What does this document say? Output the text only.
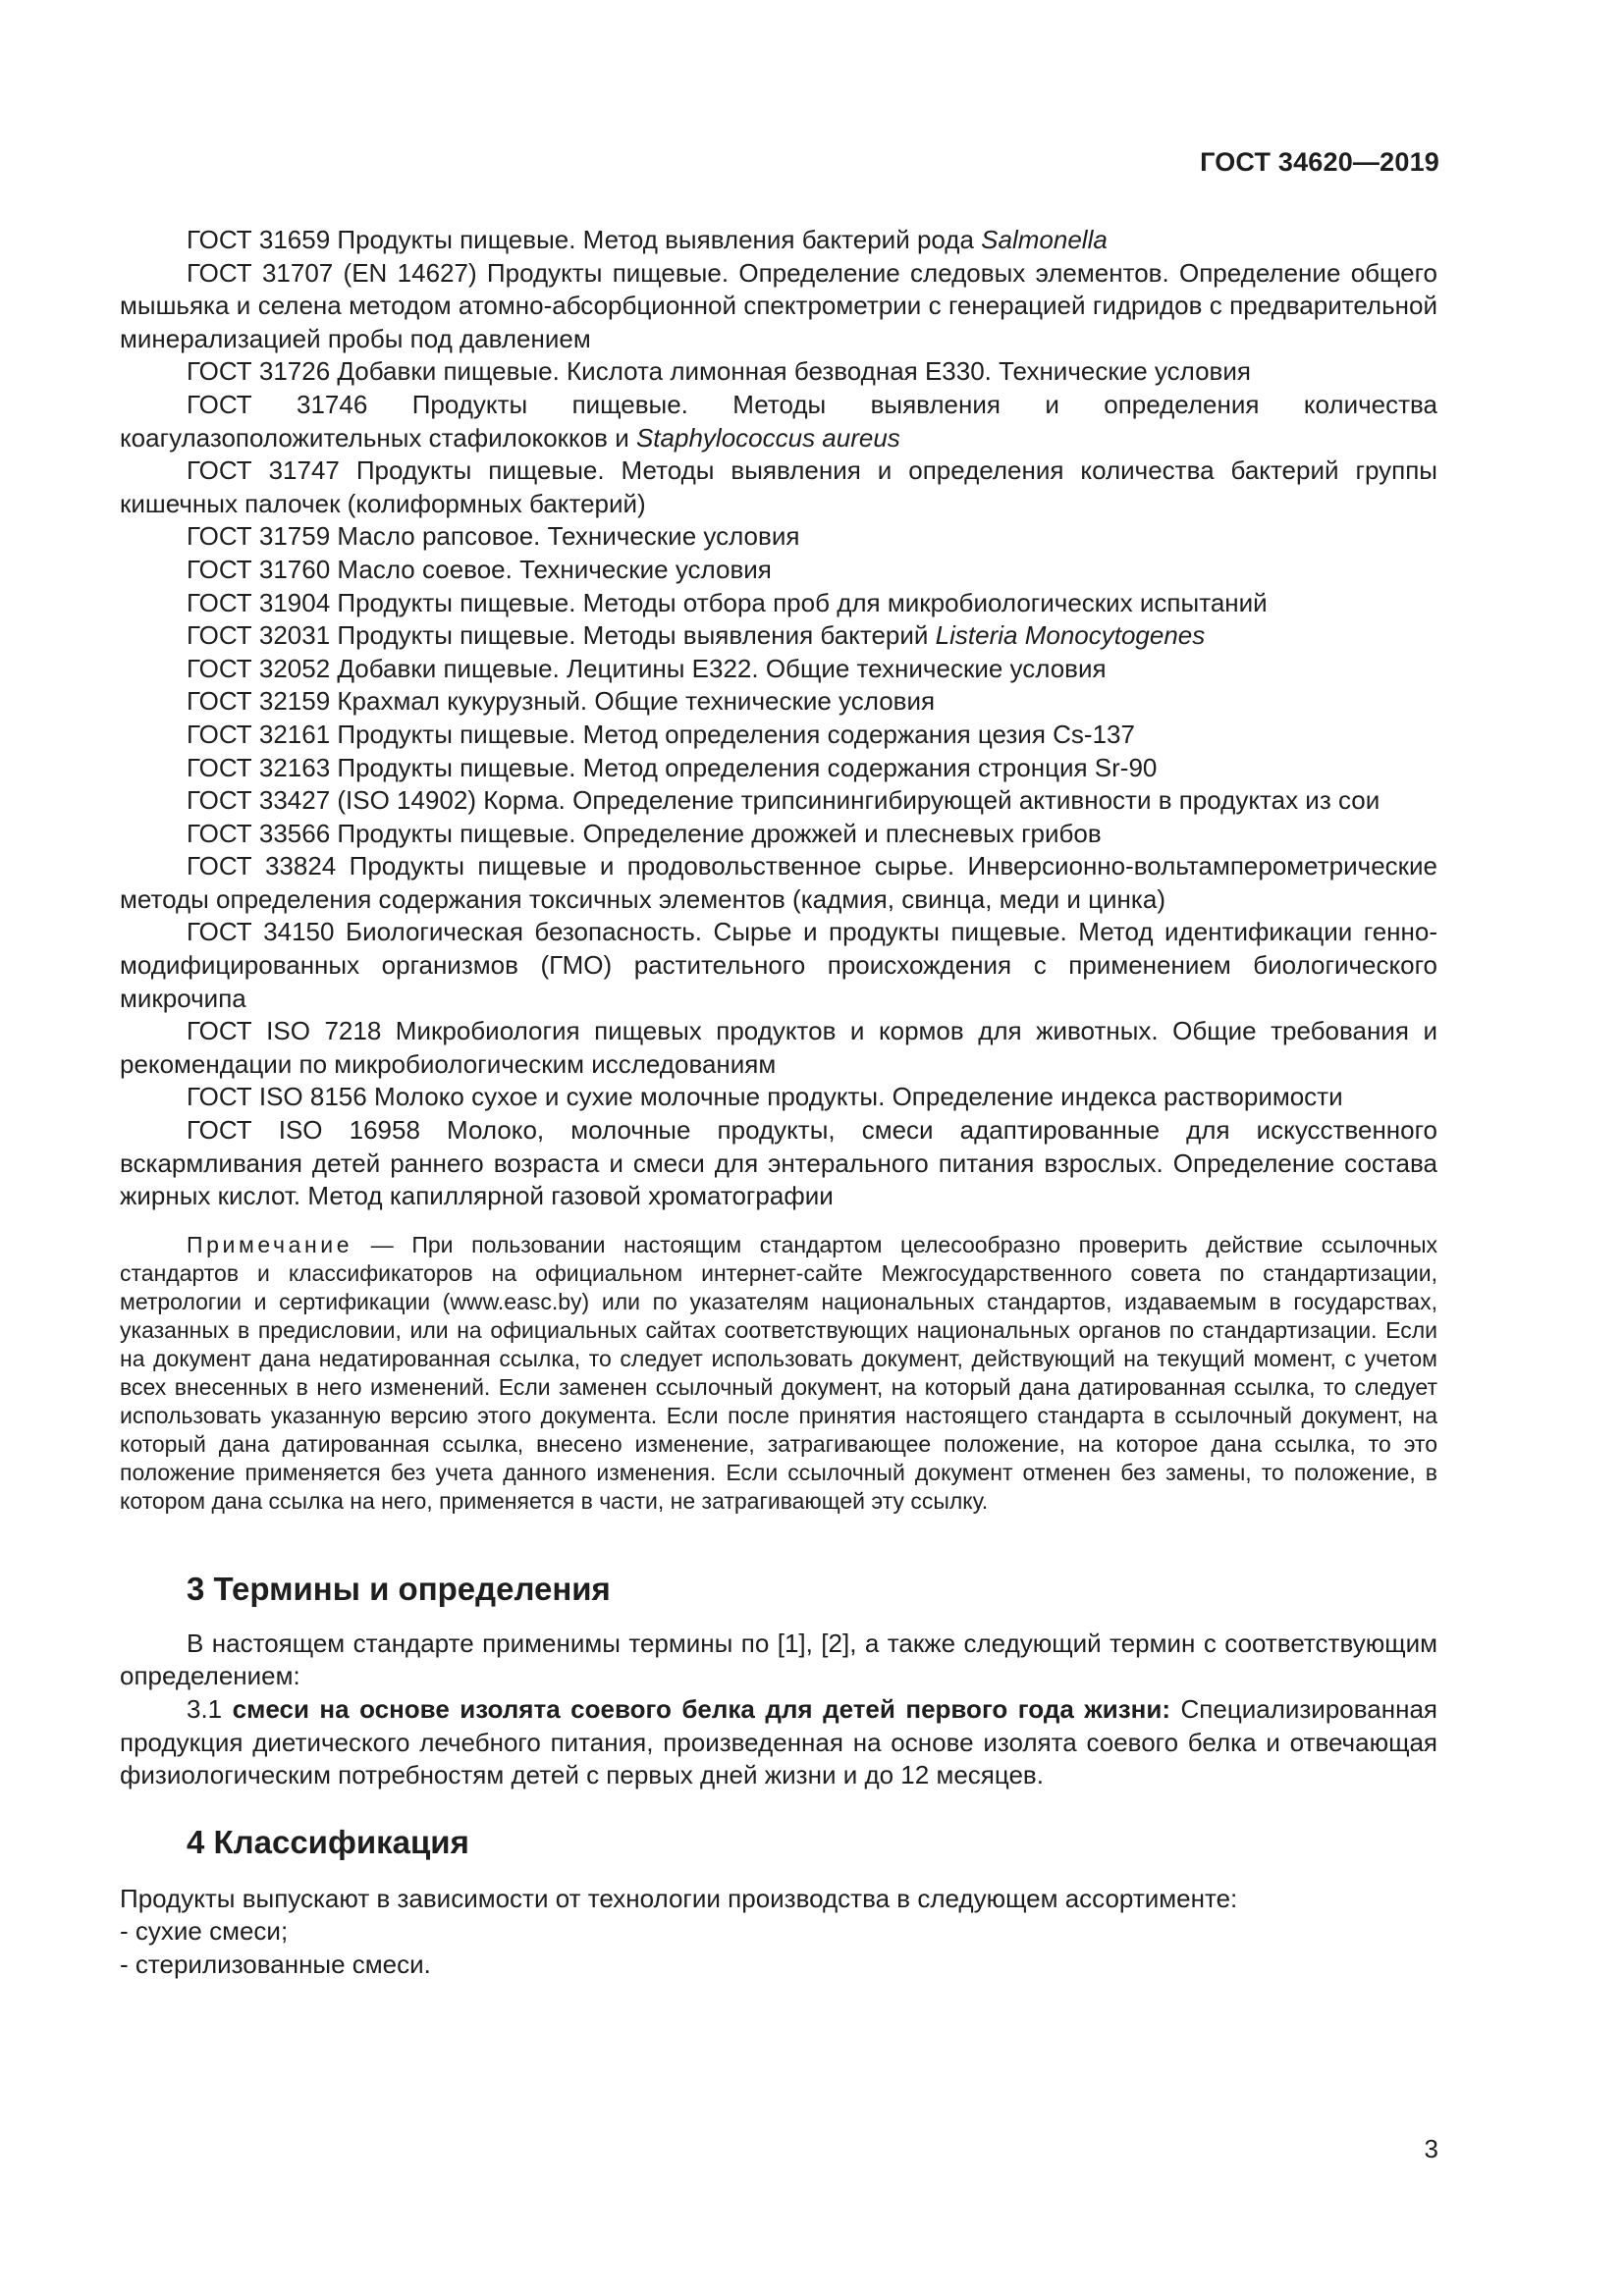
ГОСТ 34620—2019

ГОСТ 31659 Продукты пищевые. Метод выявления бактерий рода Salmonella

ГОСТ 31707 (EN 14627) Продукты пищевые. Определение следовых элементов. Определение общего мышьяка и селена методом атомно-абсорбционной спектрометрии с генерацией гидридов с предварительной минерализацией пробы под давлением

ГОСТ 31726 Добавки пищевые. Кислота лимонная безводная E330. Технические условия

ГОСТ 31746 Продукты пищевые. Методы выявления и определения количества коагулазоположительных стафилококков и Staphylococcus aureus

ГОСТ 31747 Продукты пищевые. Методы выявления и определения количества бактерий группы кишечных палочек (колиформных бактерий)

ГОСТ 31759 Масло рапсовое. Технические условия

ГОСТ 31760 Масло соевое. Технические условия

ГОСТ 31904 Продукты пищевые. Методы отбора проб для микробиологических испытаний

ГОСТ 32031 Продукты пищевые. Методы выявления бактерий Listeria Monocytogenes

ГОСТ 32052 Добавки пищевые. Лецитины E322. Общие технические условия

ГОСТ 32159 Крахмал кукурузный. Общие технические условия

ГОСТ 32161 Продукты пищевые. Метод определения содержания цезия Cs-137

ГОСТ 32163 Продукты пищевые. Метод определения содержания стронция Sr-90

ГОСТ 33427 (ISO 14902) Корма. Определение трипсинингибирующей активности в продуктах из сои

ГОСТ 33566 Продукты пищевые. Определение дрожжей и плесневых грибов

ГОСТ 33824 Продукты пищевые и продовольственное сырье. Инверсионно-вольтамперометрические методы определения содержания токсичных элементов (кадмия, свинца, меди и цинка)

ГОСТ 34150 Биологическая безопасность. Сырье и продукты пищевые. Метод идентификации генно-модифицированных организмов (ГМО) растительного происхождения с применением биологического микрочипа

ГОСТ ISO 7218 Микробиология пищевых продуктов и кормов для животных. Общие требования и рекомендации по микробиологическим исследованиям

ГОСТ ISO 8156 Молоко сухое и сухие молочные продукты. Определение индекса растворимости

ГОСТ ISO 16958 Молоко, молочные продукты, смеси адаптированные для искусственного вскармливания детей раннего возраста и смеси для энтерального питания взрослых. Определение состава жирных кислот. Метод капиллярной газовой хроматографии

Примечание — При пользовании настоящим стандартом целесообразно проверить действие ссылочных стандартов и классификаторов на официальном интернет-сайте Межгосударственного совета по стандартизации, метрологии и сертификации (www.easc.by) или по указателям национальных стандартов, издаваемым в государствах, указанных в предисловии, или на официальных сайтах соответствующих национальных органов по стандартизации. Если на документ дана недатированная ссылка, то следует использовать документ, действующий на текущий момент, с учетом всех внесенных в него изменений. Если заменен ссылочный документ, на который дана датированная ссылка, то следует использовать указанную версию этого документа. Если после принятия настоящего стандарта в ссылочный документ, на который дана датированная ссылка, внесено изменение, затрагивающее положение, на которое дана ссылка, то это положение применяется без учета данного изменения. Если ссылочный документ отменен без замены, то положение, в котором дана ссылка на него, применяется в части, не затрагивающей эту ссылку.

3 Термины и определения

В настоящем стандарте применимы термины по [1], [2], а также следующий термин с соответствующим определением:

3.1 смеси на основе изолята соевого белка для детей первого года жизни: Специализированная продукция диетического лечебного питания, произведенная на основе изолята соевого белка и отвечающая физиологическим потребностям детей с первых дней жизни и до 12 месяцев.

4 Классификация

Продукты выпускают в зависимости от технологии производства в следующем ассортименте:

- сухие смеси;

- стерилизованные смеси.

3
